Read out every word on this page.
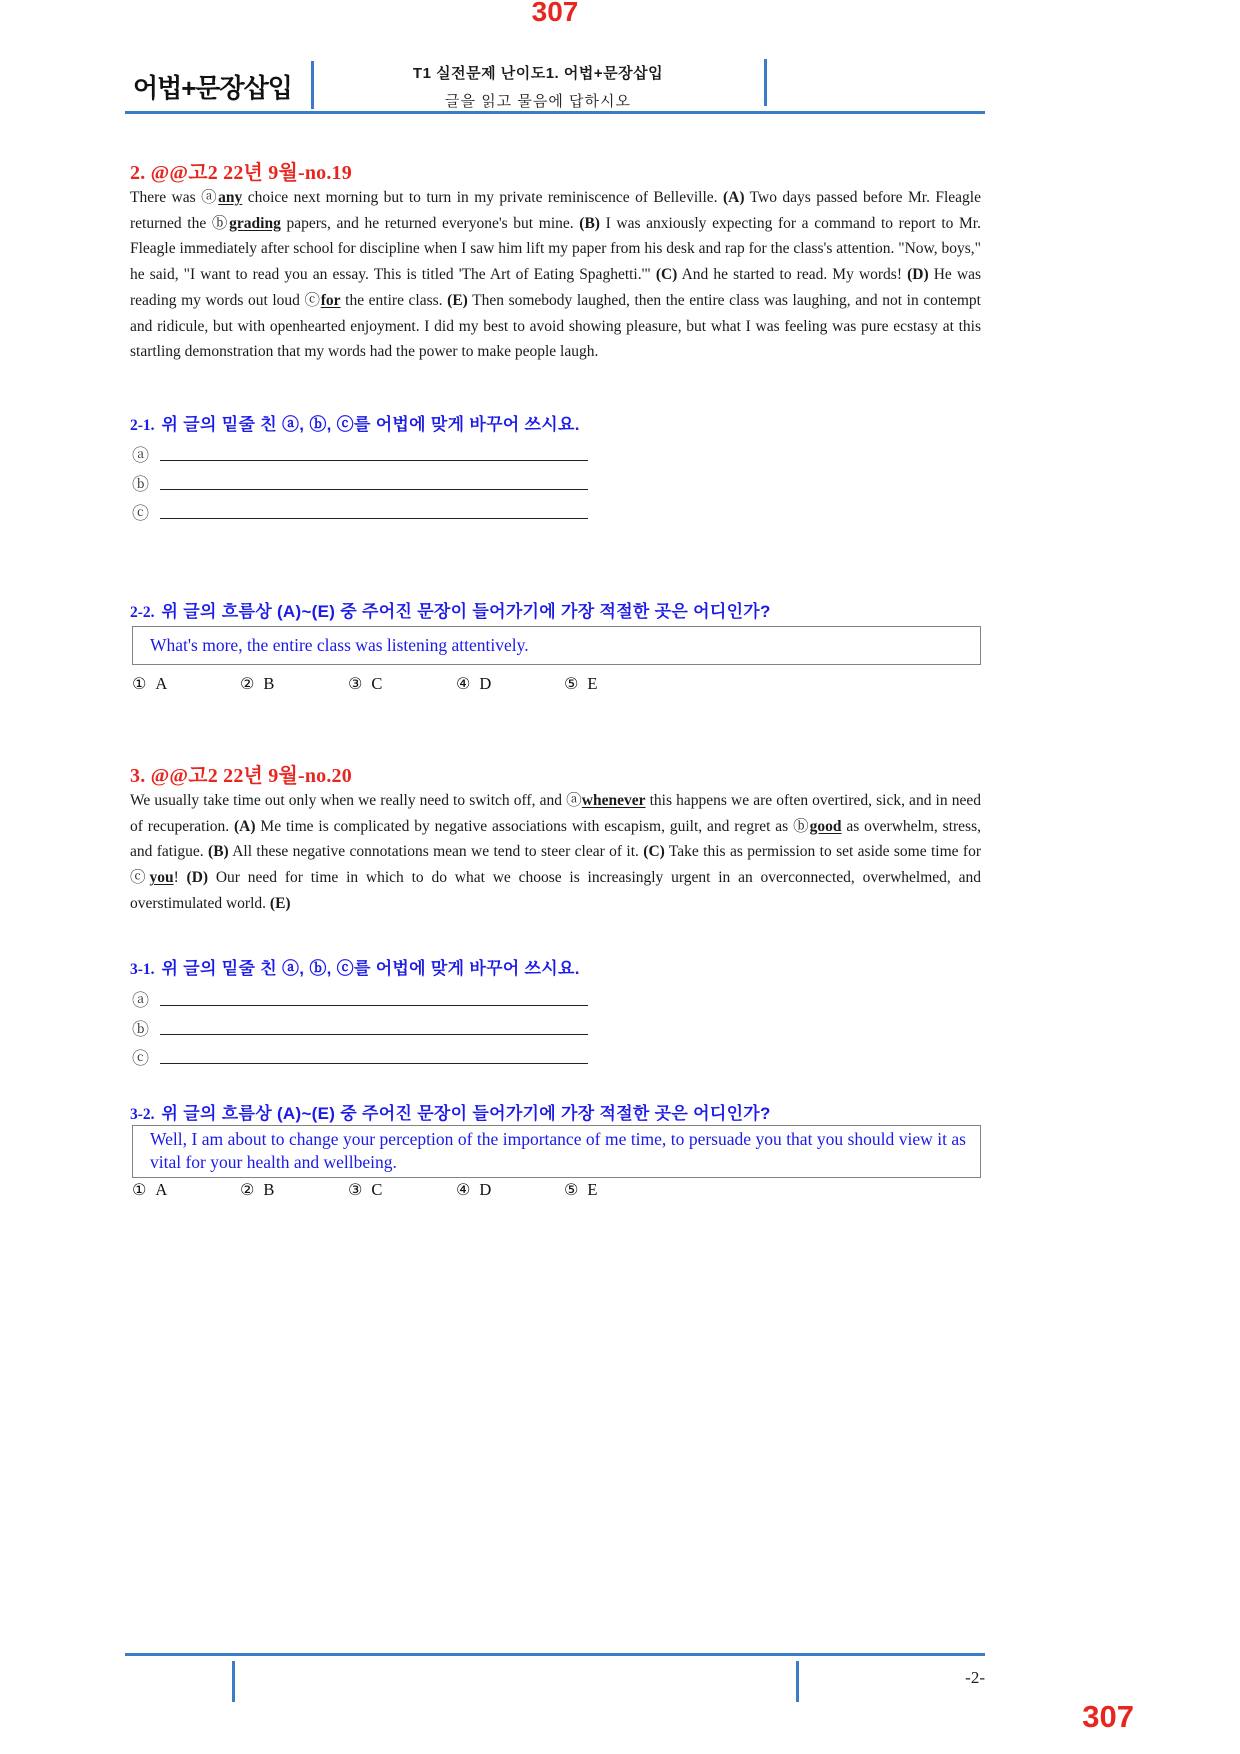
307
어법+문장삽입	T1 실전문제 난이도1. 어법+문장삽입
글을 읽고 물음에 답하시오
2. @@고2 22년 9월-no.19

There was ⓐany choice next morning but to turn in my private reminiscence of Belleville. (A) Two days passed before Mr. Fleagle returned the ⓑgrading papers, and he returned everyone's but mine. (B) I was anxiously expecting for a command to report to Mr. Fleagle immediately after school for discipline when I saw him lift my paper from his desk and rap for the class's attention. "Now, boys," he said, "I want to read you an essay. This is titled 'The Art of Eating Spaghetti.'" (C) And he started to read. My words! (D) He was reading my words out loud ⓒfor the entire class. (E) Then somebody laughed, then the entire class was laughing, and not in contempt and ridicule, but with openhearted enjoyment. I did my best to avoid showing pleasure, but what I was feeling was pure ecstasy at this startling demonstration that my words had the power to make people laugh.

2-1. 위 글의 밑줄 친 ⓐ, ⓑ, ⓒ를 어법에 맞게 바꾸어 쓰시요.
ⓐ
ⓑ
ⓒ
2-2. 위 글의 흐름상 (A)~(E) 중 주어진 문장이 들어가기에 가장 적절한 곳은 어디인가?

What's more, the entire class was listening attentively.

① A	② B	③ C	④ D	⑤ E
3. @@고2 22년 9월-no.20

We usually take time out only when we really need to switch off, and ⓐwhenever this happens we are often overtired, sick, and in need of recuperation. (A) Me time is complicated by negative associations with escapism, guilt, and regret as ⓑgood as overwhelm, stress, and fatigue. (B) All these negative connotations mean we tend to steer clear of it. (C) Take this as permission to set aside some time for ⓒyou! (D) Our need for time in which to do what we choose is increasingly urgent in an overconnected, overwhelmed, and overstimulated world. (E)

3-1. 위 글의 밑줄 친 ⓐ, ⓑ, ⓒ를 어법에 맞게 바꾸어 쓰시요.
ⓐ
ⓑ
ⓒ
3-2. 위 글의 흐름상 (A)~(E) 중 주어진 문장이 들어가기에 가장 적절한 곳은 어디인가?

Well, I am about to change your perception of the importance of me time, to persuade you that you should view it as vital for your health and wellbeing.

① A	② B	③ C	④ D	⑤ E
-2-
307
